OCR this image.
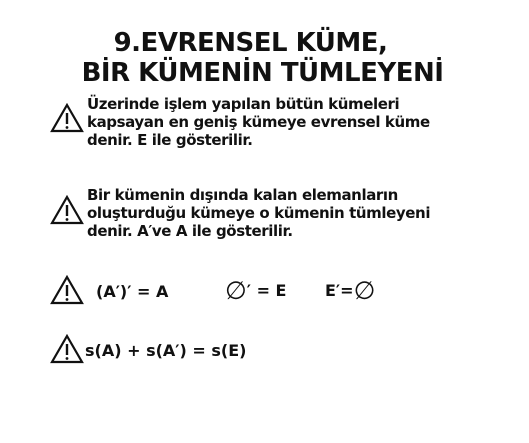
9.EVRENSEL KÜME,
BİR KÜMENİN TÜMLEYENİ
Üzerinde işlem yapılan bütün kümeleri
kapsayan en geniş kümeye evrensel küme
denir. E ile gösterilir.
Bir kümenin dışında kalan elemanların
oluşturduğu kümeye o kümenin tümleyeni
denir. A′ve A ile gösterilir.
(A′)′ = A ∅′ = E E′=∅
s(A) + s(A′) = s(E)
